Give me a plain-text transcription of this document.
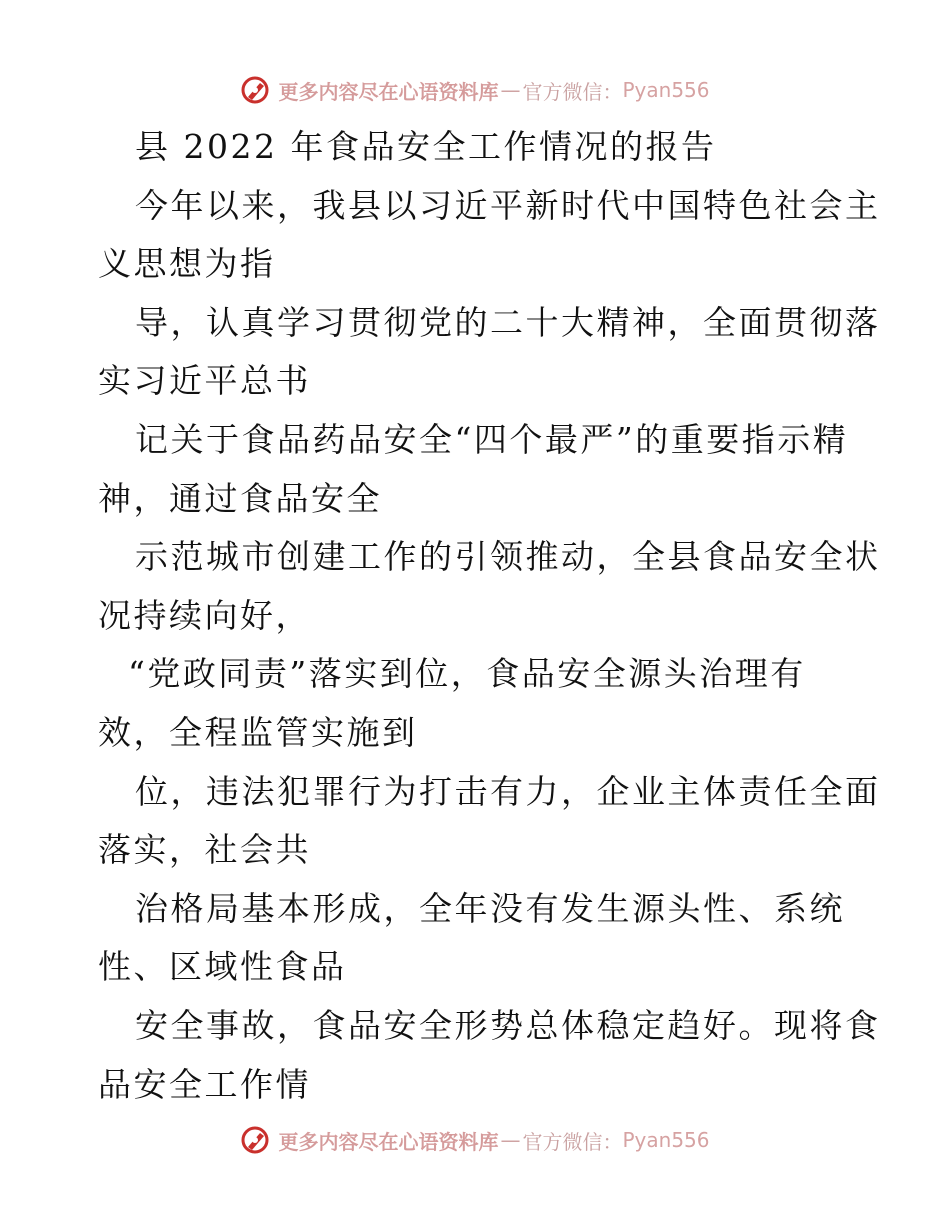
更多内容尽在心语资料库 — 官方微信： Pyan556
县 2022 年食品安全工作情况的报告
今年以来，我县以习近平新时代中国特色社会主
义思想为指
导，认真学习贯彻党的二十大精神，全面贯彻落
实习近平总书
记关于食品药品安全“四个最严”的重要指示精
神，通过食品安全
示范城市创建工作的引领推动，全县食品安全状
况持续向好，
“党政同责”落实到位，食品安全源头治理有
效，全程监管实施到
位，违法犯罪行为打击有力，企业主体责任全面
落实，社会共
治格局基本形成，全年没有发生源头性、系统
性、区域性食品
安全事故，食品安全形势总体稳定趋好。现将食
品安全工作情
更多内容尽在心语资料库 — 官方微信： Pyan556
